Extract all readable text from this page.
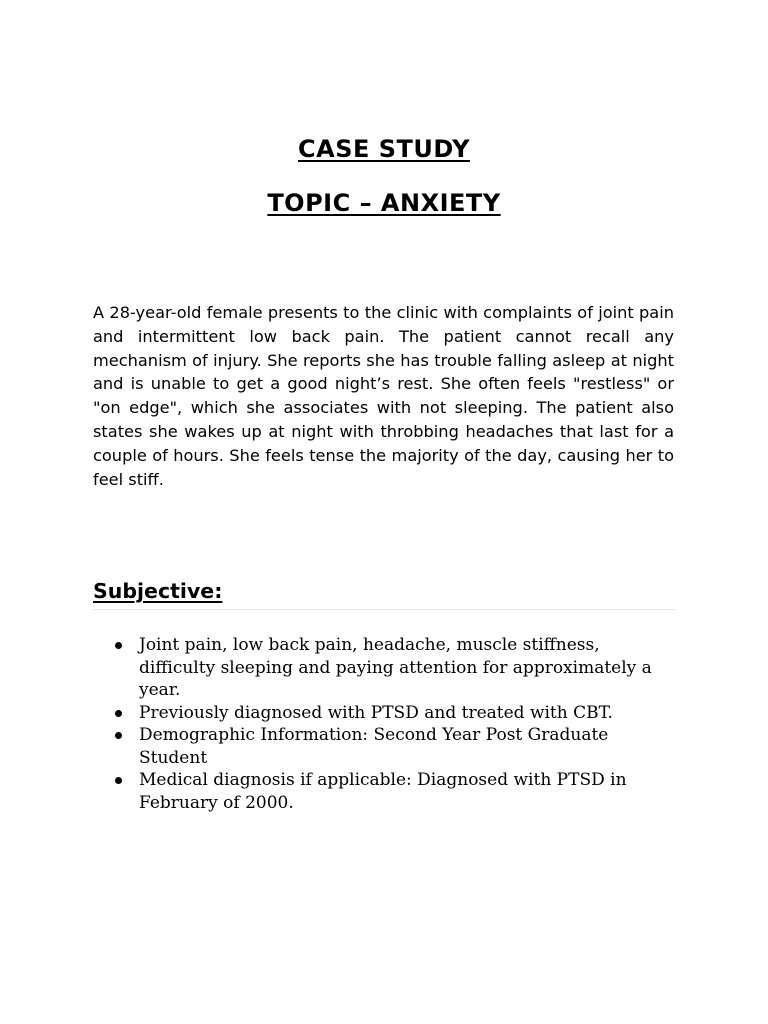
CASE STUDY
TOPIC – ANXIETY

A 28-year-old female presents to the clinic with complaints of joint pain and intermittent low back pain. The patient cannot recall any mechanism of injury. She reports she has trouble falling asleep at night and is unable to get a good night’s rest. She often feels "restless" or "on edge", which she associates with not sleeping. The patient also states she wakes up at night with throbbing headaches that last for a couple of hours. She feels tense the majority of the day, causing her to feel stiff.

Subjective:
Joint pain, low back pain, headache, muscle stiffness, difficulty sleeping and paying attention for approximately a year.
Previously diagnosed with PTSD and treated with CBT.
Demographic Information: Second Year Post Graduate Student
Medical diagnosis if applicable: Diagnosed with PTSD in February of 2000.
